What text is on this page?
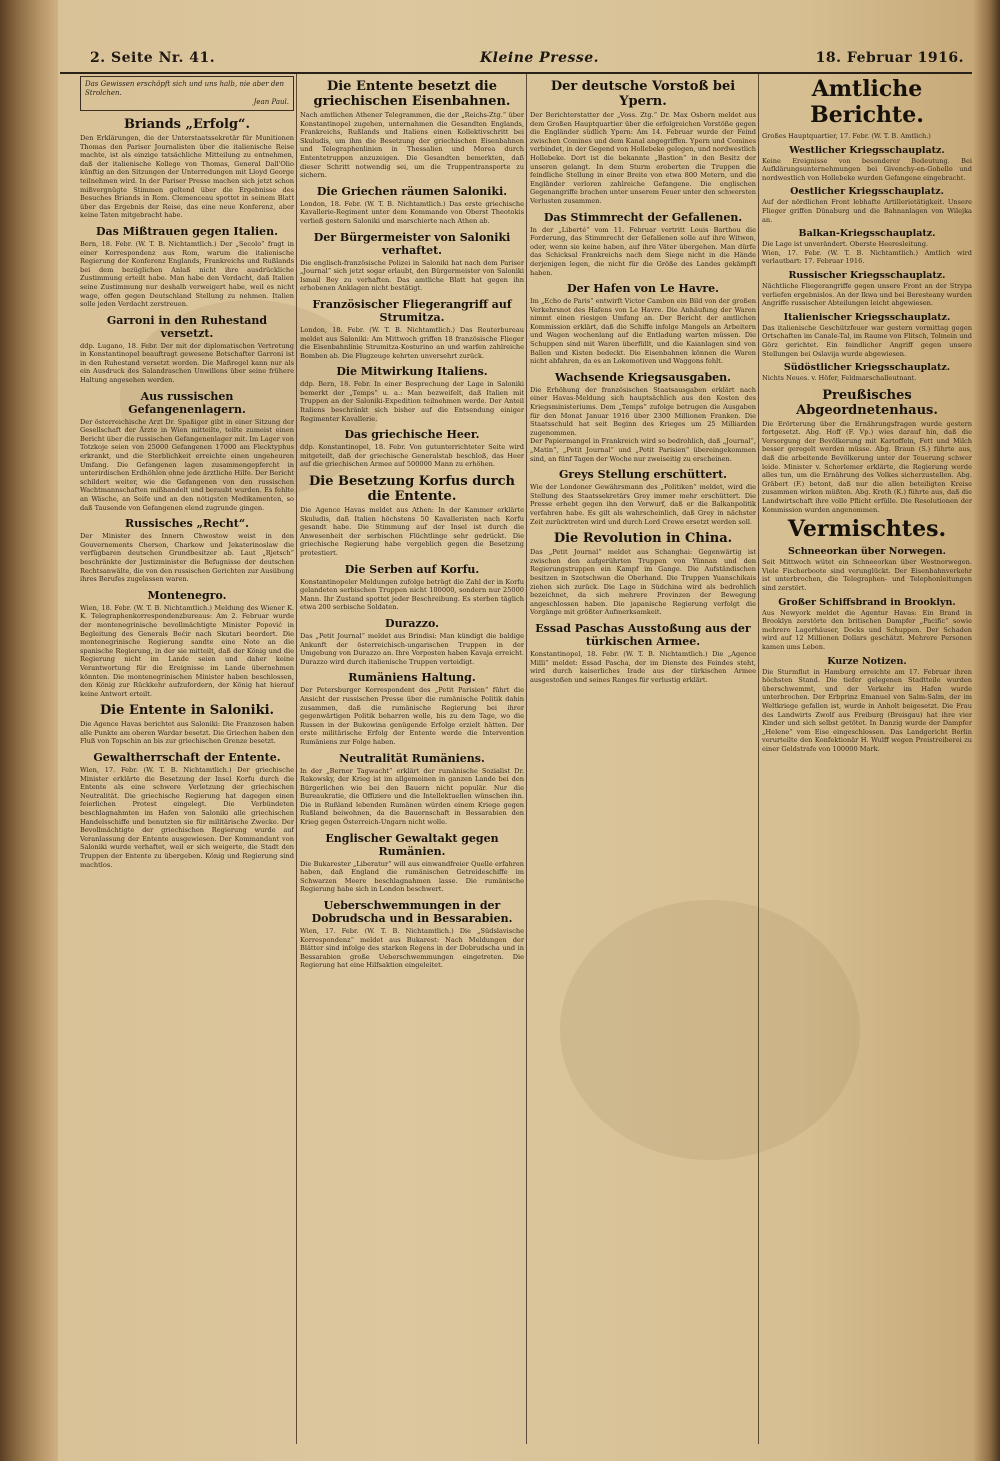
2. Seite Nr. 41.	Kleine Presse.	18. Februar 1916.
Das Gewissen erschöpft sich und uns halb, nie aber den Strolchen.
Jean Paul.
Briands „Erfolg“.
Den Erklärungen, die der Unterstaatssekretär für Munitionen Thomas den Pariser Journalisten über die italienische Reise machte, ist als einzige tatsächliche Mitteilung zu entnehmen, daß der italienische Kollege von Thomas, General Dall'Olio künftig an den Sitzungen der Unterredungen mit Lloyd George teilnehmen wird. In der Pariser Presse machen sich jetzt schon mißvergnügte Stimmen geltend über die Ergebnisse des Besuches Briands in Rom. Clemenceau spottet in seinem Blatt über das Ergebnis der Reise, das eine neue Konferenz, aber keine Taten mitgebracht habe.
Das Mißtrauen gegen Italien.
Bern, 18. Febr. (W. T. B. Nichtamtlich.) Der „Secolo“ fragt in einer Korrespondenz aus Rom, warum die italienische Regierung der Konferenz Englands, Frankreichs und Rußlands bei dem bezüglichen Anlaß nicht ihre ausdrückliche Zustimmung erteilt habe. Man habe den Verdacht, daß Italien seine Zustimmung nur deshalb verweigert habe, weil es nicht wage, offen gegen Deutschland Stellung zu nehmen. Italien solle jeden Verdacht zerstreuen.
Garroni in den Ruhestand versetzt.
ddp. Lugano, 18. Febr. Der mit der diplomatischen Vertretung in Konstantinopel beauftragt gewesene Botschafter Garroni ist in den Ruhestand versetzt worden. Die Maßregel kann nur als ein Ausdruck des Salandraschen Unwillens über seine frühere Haltung angesehen werden.
Aus russischen Gefangenenlagern.
Der österreichische Arzt Dr. Spaßiger gibt in einer Sitzung der Gesellschaft der Ärzte in Wien mitteilte, teilte zumeist einen Bericht über die russischen Gefangenenlager mit. Im Lager von Totzkoje seien von 25000 Gefangenen 17000 am Flecktyphus erkrankt, und die Sterblichkeit erreichte einen ungeheuren Umfang. Die Gefangenen lagen zusammengepfercht in unterirdischen Erdhöhlen ohne jede ärztliche Hilfe. Der Bericht schildert weiter, wie die Gefangenen von den russischen Wachtmannschaften mißhandelt und beraubt wurden. Es fehlte an Wäsche, an Seife und an den nötigsten Medikamenten, so daß Tausende von Gefangenen elend zugrunde gingen.
Russisches „Recht“.
Der Minister des Innern Chwostow weist in den Gouvernements Cherson, Charkow und Jekaterinoslaw die verfügbaren deutschen Grundbesitzer ab. Laut „Rjetsch“ beschränkte der Justizminister die Befugnisse der deutschen Rechtsanwälte, die von den russischen Gerichten zur Ausübung ihres Berufes zugelassen waren.
Montenegro.
Wien, 18. Febr. (W. T. B. Nichtamtlich.) Meldung des Wiener K. K. Telegraphenkorrespondenzbureaus: Am 2. Februar wurde der montenegrinische bevollmächtigte Minister Popović in Begleitung des Generals Bećir nach Skutari beordert. Die montenegrinische Regierung sandte eine Note an die spanische Regierung, in der sie mitteilt, daß der König und die Regierung nicht im Lande seien und daher keine Verantwortung für die Ereignisse im Lande übernehmen könnten. Die montenegrinischen Minister haben beschlossen, den König zur Rückkehr aufzufordern, der König hat hierauf keine Antwort erteilt.
Die Entente in Saloniki.
Die Agence Havas berichtet aus Saloniki: Die Franzosen haben alle Punkte am oberen Wardar besetzt. Die Griechen haben den Fluß von Topschin an bis zur griechischen Grenze besetzt.
Gewaltherrschaft der Entente.
Wien, 17. Febr. (W. T. B. Nichtamtlich.) Der griechische Minister erklärte die Besetzung der Insel Korfu durch die Entente als eine schwere Verletzung der griechischen Neutralität. Die griechische Regierung hat dagegen einen feierlichen Protest eingelegt. Die Verbündeten beschlagnahmten im Hafen von Saloniki alle griechischen Handelsschiffe und benutzten sie für militärische Zwecke. Der Bevollmächtigte der griechischen Regierung wurde auf Veranlassung der Entente ausgewiesen. Der Kommandant von Saloniki wurde verhaftet, weil er sich weigerte, die Stadt den Truppen der Entente zu übergeben. König und Regierung sind machtlos.
Die Entente besetzt die griechischen Eisenbahnen.
Nach amtlichen Athener Telegrammen, die der „Reichs-Ztg.“ über Konstantinopel zugehen, unternahmen die Gesandten Englands, Frankreichs, Rußlands und Italiens einen Kollektivschritt bei Skuludis, um ihm die Besetzung der griechischen Eisenbahnen und Telegraphenlinien in Thessalien und Morea durch Ententetruppen anzuzeigen. Die Gesandten bemerkten, daß dieser Schritt notwendig sei, um die Truppentransporte zu sichern.
Die Griechen räumen Saloniki.
London, 18. Febr. (W. T. B. Nichtamtlich.) Das erste griechische Kavallerie-Regiment unter dem Kommando von Oberst Theotokis verließ gestern Saloniki und marschierte nach Athen ab.
Der Bürgermeister von Saloniki verhaftet.
Die englisch-französische Polizei in Saloniki hat nach dem Pariser „Journal“ sich jetzt sogar erlaubt, den Bürgermeister von Saloniki Ismail Bey zu verhaften. Das amtliche Blatt hat gegen ihn erhobenen Anklagen nicht bestätigt.
Französischer Fliegerangriff auf Strumitza.
London, 18. Febr. (W. T. B. Nichtamtlich.) Das Reuterbureau meldet aus Saloniki: Am Mittwoch griffen 18 französische Flieger die Eisenbahnlinie Strumitza-Kosturino an und warfen zahlreiche Bomben ab. Die Flugzeuge kehrten unversehrt zurück.
Die Mitwirkung Italiens.
ddp. Bern, 18. Febr. In einer Besprechung der Lage in Saloniki bemerkt der „Temps“ u. a.: Man bezweifelt, daß Italien mit Truppen an der Saloniki-Expedition teilnehmen werde. Der Anteil Italiens beschränkt sich bisher auf die Entsendung einiger Regimenter Kavallerie.
Das griechische Heer.
ddp. Konstantinopel, 18. Febr. Von gutunterrichteter Seite wird mitgeteilt, daß der griechische Generalstab beschloß, das Heer auf die griechischen Armee auf 500000 Mann zu erhöhen.
Die Besetzung Korfus durch die Entente.
Die Agence Havas meldet aus Athen: In der Kammer erklärte Skuludis, daß Italien höchstens 50 Kavalleristen nach Korfu gesandt habe. Die Stimmung auf der Insel ist durch die Anwesenheit der serbischen Flüchtlinge sehr gedrückt. Die griechische Regierung habe vergeblich gegen die Besetzung protestiert.
Die Serben auf Korfu.
Konstantinopeler Meldungen zufolge beträgt die Zahl der in Korfu gelandeten serbischen Truppen nicht 100000, sondern nur 25000 Mann. Ihr Zustand spottet jeder Beschreibung. Es sterben täglich etwa 200 serbische Soldaten.
Durazzo.
Das „Petit Journal“ meldet aus Brindisi: Man kündigt die baldige Ankunft der österreichisch-ungarischen Truppen in der Umgebung von Durazzo an. Ihre Vorposten haben Kavaja erreicht. Durazzo wird durch italienische Truppen verteidigt.
Rumäniens Haltung.
Der Petersburger Korrespondent des „Petit Parisien“ führt die Ansicht der russischen Presse über die rumänische Politik dahin zusammen, daß die rumänische Regierung bei ihrer gegenwärtigen Politik beharren wolle, bis zu dem Tage, wo die Russen in der Bukowina genügende Erfolge erzielt hätten. Der erste militärische Erfolg der Entente werde die Intervention Rumäniens zur Folge haben.
Neutralität Rumäniens.
In der „Berner Tagwacht“ erklärt der rumänische Sozialist Dr. Rakowsky, der Krieg ist im allgemeinen in ganzen Lande bei den Bürgerlichen wie bei den Bauern nicht populär. Nur die Bureaukratie, die Offiziere und die Intellektuellen wünschen ihn. Die in Rußland lebenden Rumänen würden einem Kriege gegen Rußland beiwohnen, da die Bauernschaft in Bessarabien den Krieg gegen Österreich-Ungarn nicht wolle.
Englischer Gewaltakt gegen Rumänien.
Die Bukarester „Liberatur“ will aus einwandfreier Quelle erfahren haben, daß England die rumänischen Getreideschiffe im Schwarzen Meere beschlagnahmen lasse. Die rumänische Regierung habe sich in London beschwert.
Ueberschwemmungen in der Dobrudscha und in Bessarabien.
Wien, 17. Febr. (W. T. B. Nichtamtlich.) Die „Südslavische Korrespondenz“ meldet aus Bukarest: Nach Meldungen der Blätter sind infolge des starken Regens in der Dobrudscha und in Bessarabien große Ueberschwemmungen eingetreten. Die Regierung hat eine Hilfsaktion eingeleitet.
Der deutsche Vorstoß bei Ypern.
Der Berichterstatter der „Voss. Ztg.“ Dr. Max Osborn meldet aus dem Großen Hauptquartier über die erfolgreichen Vorstöße gegen die Engländer südlich Ypern: Am 14. Februar wurde der Feind zwischen Comines und dem Kanal angegriffen. Ypern und Comines verbindet, in der Gegend von Hollebeke gelegen, und nordwestlich Hollebeke. Dort ist die bekannte „Bastion“ in den Besitz der unseren gelangt. In dem Sturm eroberten die Truppen die feindliche Stellung in einer Breite von etwa 800 Metern, und die Engländer verloren zahlreiche Gefangene. Die englischen Gegenangriffe brachen unter unserem Feuer unter den schwersten Verlusten zusammen.
Das Stimmrecht der Gefallenen.
In der „Liberté“ vom 11. Februar vertritt Louis Barthou die Forderung, das Stimmrecht der Gefallenen solle auf ihre Witwen, oder, wenn sie keine haben, auf ihre Väter übergehen. Man dürfe das Schicksal Frankreichs nach dem Siege nicht in die Hände derjenigen legen, die nicht für die Größe des Landes gekämpft haben.
Der Hafen von Le Havre.
Im „Echo de Paris“ entwirft Victor Cambon ein Bild von der großen Verkehrsnot des Hafens von Le Havre. Die Anhäufung der Waren nimmt einen riesigen Umfang an. Der Bericht der amtlichen Kommission erklärt, daß die Schiffe infolge Mangels an Arbeitern und Wagen wochenlang auf die Entladung warten müssen. Die Schuppen sind mit Waren überfüllt, und die Kaianlagen sind von Ballen und Kisten bedeckt. Die Eisenbahnen können die Waren nicht abfahren, da es an Lokomotiven und Waggons fehlt.
Wachsende Kriegsausgaben.
Die Erhöhung der französischen Staatsausgaben erklärt nach einer Havas-Meldung sich hauptsächlich aus den Kosten des Kriegsministeriums. Dem „Temps“ zufolge betrugen die Ausgaben für den Monat Januar 1916 über 2300 Millionen Franken. Die Staatsschuld hat seit Beginn des Krieges um 25 Milliarden zugenommen.
Der Papiermangel in Frankreich wird so bedrohlich, daß „Journal“, „Matin“, „Petit Journal“ und „Petit Parisien“ übereingekommen sind, an fünf Tagen der Woche nur zweiseitig zu erscheinen.
Greys Stellung erschüttert.
Wie der Londoner Gewährsmann des „Politiken“ meldet, wird die Stellung des Staatssekretärs Grey immer mehr erschüttert. Die Presse erhebt gegen ihn den Vorwurf, daß er die Balkanpolitik verfahren habe. Es gilt als wahrscheinlich, daß Grey in nächster Zeit zurücktreten wird und durch Lord Crewe ersetzt werden soll.
Die Revolution in China.
Das „Petit Journal“ meldet aus Schanghai: Gegenwärtig ist zwischen den aufgerührten Truppen von Yünnan und den Regierungstruppen ein Kampf im Gange. Die Aufständischen besitzen in Szetschwan die Oberhand. Die Truppen Yuanschikais ziehen sich zurück. Die Lage in Südchina wird als bedrohlich bezeichnet, da sich mehrere Provinzen der Bewegung angeschlossen haben. Die japanische Regierung verfolgt die Vorgänge mit größter Aufmerksamkeit.
Essad Paschas Ausstoßung aus der türkischen Armee.
Konstantinopel, 18. Febr. (W. T. B. Nichtamtlich.) Die „Agence Milli“ meldet: Essad Pascha, der im Dienste des Feindes steht, wird durch kaiserliches Irade aus der türkischen Armee ausgestoßen und seines Ranges für verlustig erklärt.
Amtliche Berichte.
Großes Hauptquartier, 17. Febr. (W. T. B. Amtlich.)
Westlicher Kriegsschauplatz.
Keine Ereignisse von besonderer Bedeutung. Bei Aufklärungsunternehmungen bei Givenchy-en-Gohelle und nordwestlich von Hollebeke wurden Gefangene eingebracht.
Oestlicher Kriegsschauplatz.
Auf der nördlichen Front lebhafte Artillerietätigkeit. Unsere Flieger griffen Dünaburg und die Bahnanlagen von Wilejka an.
Balkan-Kriegsschauplatz.
Die Lage ist unverändert. Oberste Heeresleitung.
Wien, 17. Febr. (W. T. B. Nichtamtlich.) Amtlich wird verlautbart: 17. Februar 1916.
Russischer Kriegsschauplatz.
Nächtliche Fliegerangriffe gegen unsere Front an der Strypa verliefen ergebnislos. An der Ikwa und bei Beresteany wurden Angriffe russischer Abteilungen leicht abgewiesen.
Italienischer Kriegsschauplatz.
Das italienische Geschützfeuer war gestern vormittag gegen Ortschaften im Canale-Tal, im Raume von Flitsch, Tolmein und Görz gerichtet. Ein feindlicher Angriff gegen unsere Stellungen bei Oslavija wurde abgewiesen.
Südöstlicher Kriegsschauplatz.
Nichts Neues. v. Höfer, Feldmarschalleutnant.
Preußisches Abgeordnetenhaus.
Die Erörterung über die Ernährungsfragen wurde gestern fortgesetzt. Abg. Hoff (F. Vp.) wies darauf hin, daß die Versorgung der Bevölkerung mit Kartoffeln, Fett und Milch besser geregelt werden müsse. Abg. Braun (S.) führte aus, daß die arbeitende Bevölkerung unter der Teuerung schwer leide. Minister v. Schorlemer erklärte, die Regierung werde alles tun, um die Ernährung des Volkes sicherzustellen. Abg. Gräbert (F.) betont, daß nur die allen beteiligten Kreise zusammen wirken müßten. Abg. Kreth (K.) führte aus, daß die Landwirtschaft ihre volle Pflicht erfülle. Die Resolutionen der Kommission wurden angenommen.
Vermischtes.
Schneeorkan über Norwegen.
Seit Mittwoch wütet ein Schneeorkan über Westnorwegen. Viele Fischerboote sind verunglückt. Der Eisenbahnverkehr ist unterbrochen, die Telegraphen- und Telephonleitungen sind zerstört.
Großer Schiffsbrand in Brooklyn.
Aus Newyork meldet die Agentur Havas: Ein Brand in Brooklyn zerstörte den britischen Dampfer „Pacific“ sowie mehrere Lagerhäuser, Docks und Schuppen. Der Schaden wird auf 12 Millionen Dollars geschätzt. Mehrere Personen kamen ums Leben.
Kurze Notizen.
Die Sturmflut in Hamburg erreichte am 17. Februar ihren höchsten Stand. Die tiefer gelegenen Stadtteile wurden überschwemmt, und der Verkehr im Hafen wurde unterbrochen. Der Erbprinz Emanuel von Salm-Salm, der im Weltkriege gefallen ist, wurde in Anholt beigesetzt. Die Frau des Landwirts Zwolf aus Freiburg (Breisgau) hat ihre vier Kinder und sich selbst getötet. In Danzig wurde der Dampfer „Helene“ vom Eise eingeschlossen. Das Landgericht Berlin verurteilte den Konfektionär H. Wulff wegen Preistreiberei zu einer Geldstrafe von 100000 Mark.
